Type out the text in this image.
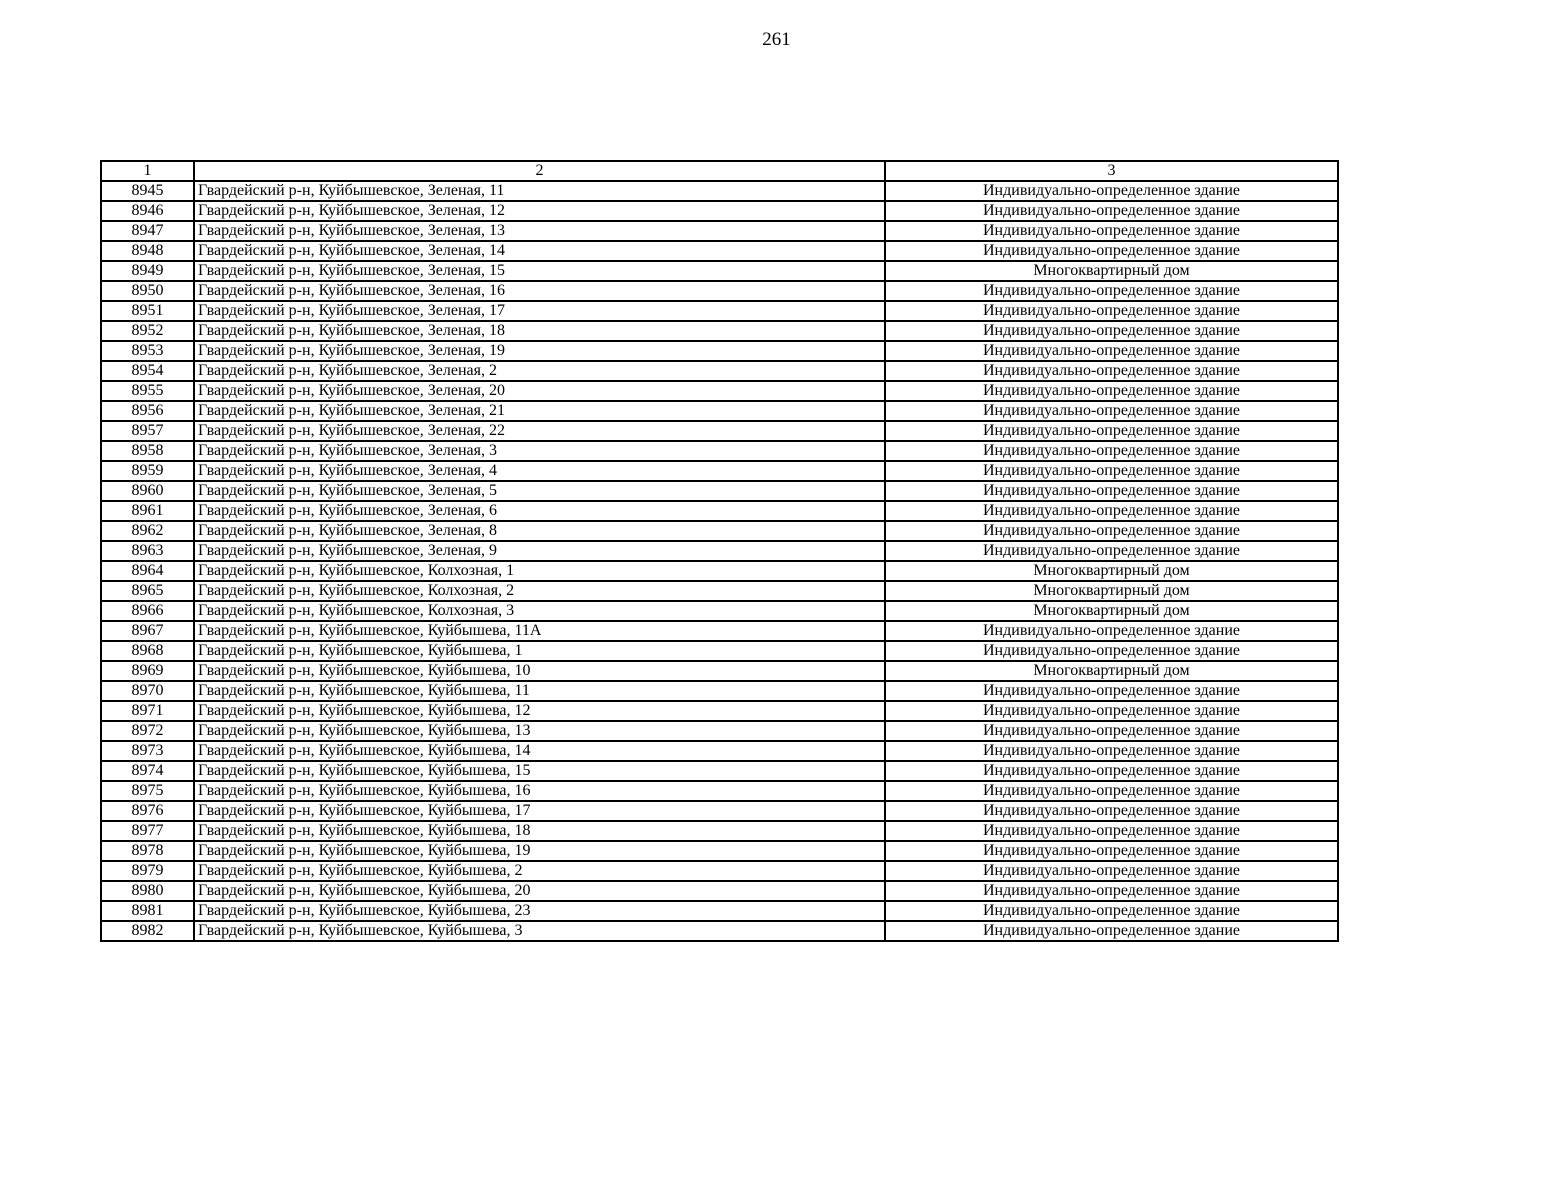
261
1	2	3
8945	Гвардейский р-н, Куйбышевское, Зеленая, 11	Индивидуально-определенное здание
8946	Гвардейский р-н, Куйбышевское, Зеленая, 12	Индивидуально-определенное здание
8947	Гвардейский р-н, Куйбышевское, Зеленая, 13	Индивидуально-определенное здание
8948	Гвардейский р-н, Куйбышевское, Зеленая, 14	Индивидуально-определенное здание
8949	Гвардейский р-н, Куйбышевское, Зеленая, 15	Многоквартирный дом
8950	Гвардейский р-н, Куйбышевское, Зеленая, 16	Индивидуально-определенное здание
8951	Гвардейский р-н, Куйбышевское, Зеленая, 17	Индивидуально-определенное здание
8952	Гвардейский р-н, Куйбышевское, Зеленая, 18	Индивидуально-определенное здание
8953	Гвардейский р-н, Куйбышевское, Зеленая, 19	Индивидуально-определенное здание
8954	Гвардейский р-н, Куйбышевское, Зеленая, 2	Индивидуально-определенное здание
8955	Гвардейский р-н, Куйбышевское, Зеленая, 20	Индивидуально-определенное здание
8956	Гвардейский р-н, Куйбышевское, Зеленая, 21	Индивидуально-определенное здание
8957	Гвардейский р-н, Куйбышевское, Зеленая, 22	Индивидуально-определенное здание
8958	Гвардейский р-н, Куйбышевское, Зеленая, 3	Индивидуально-определенное здание
8959	Гвардейский р-н, Куйбышевское, Зеленая, 4	Индивидуально-определенное здание
8960	Гвардейский р-н, Куйбышевское, Зеленая, 5	Индивидуально-определенное здание
8961	Гвардейский р-н, Куйбышевское, Зеленая, 6	Индивидуально-определенное здание
8962	Гвардейский р-н, Куйбышевское, Зеленая, 8	Индивидуально-определенное здание
8963	Гвардейский р-н, Куйбышевское, Зеленая, 9	Индивидуально-определенное здание
8964	Гвардейский р-н, Куйбышевское, Колхозная, 1	Многоквартирный дом
8965	Гвардейский р-н, Куйбышевское, Колхозная, 2	Многоквартирный дом
8966	Гвардейский р-н, Куйбышевское, Колхозная, 3	Многоквартирный дом
8967	Гвардейский р-н, Куйбышевское, Куйбышева, 11А	Индивидуально-определенное здание
8968	Гвардейский р-н, Куйбышевское, Куйбышева, 1	Индивидуально-определенное здание
8969	Гвардейский р-н, Куйбышевское, Куйбышева, 10	Многоквартирный дом
8970	Гвардейский р-н, Куйбышевское, Куйбышева, 11	Индивидуально-определенное здание
8971	Гвардейский р-н, Куйбышевское, Куйбышева, 12	Индивидуально-определенное здание
8972	Гвардейский р-н, Куйбышевское, Куйбышева, 13	Индивидуально-определенное здание
8973	Гвардейский р-н, Куйбышевское, Куйбышева, 14	Индивидуально-определенное здание
8974	Гвардейский р-н, Куйбышевское, Куйбышева, 15	Индивидуально-определенное здание
8975	Гвардейский р-н, Куйбышевское, Куйбышева, 16	Индивидуально-определенное здание
8976	Гвардейский р-н, Куйбышевское, Куйбышева, 17	Индивидуально-определенное здание
8977	Гвардейский р-н, Куйбышевское, Куйбышева, 18	Индивидуально-определенное здание
8978	Гвардейский р-н, Куйбышевское, Куйбышева, 19	Индивидуально-определенное здание
8979	Гвардейский р-н, Куйбышевское, Куйбышева, 2	Индивидуально-определенное здание
8980	Гвардейский р-н, Куйбышевское, Куйбышева, 20	Индивидуально-определенное здание
8981	Гвардейский р-н, Куйбышевское, Куйбышева, 23	Индивидуально-определенное здание
8982	Гвардейский р-н, Куйбышевское, Куйбышева, 3	Индивидуально-определенное здание
